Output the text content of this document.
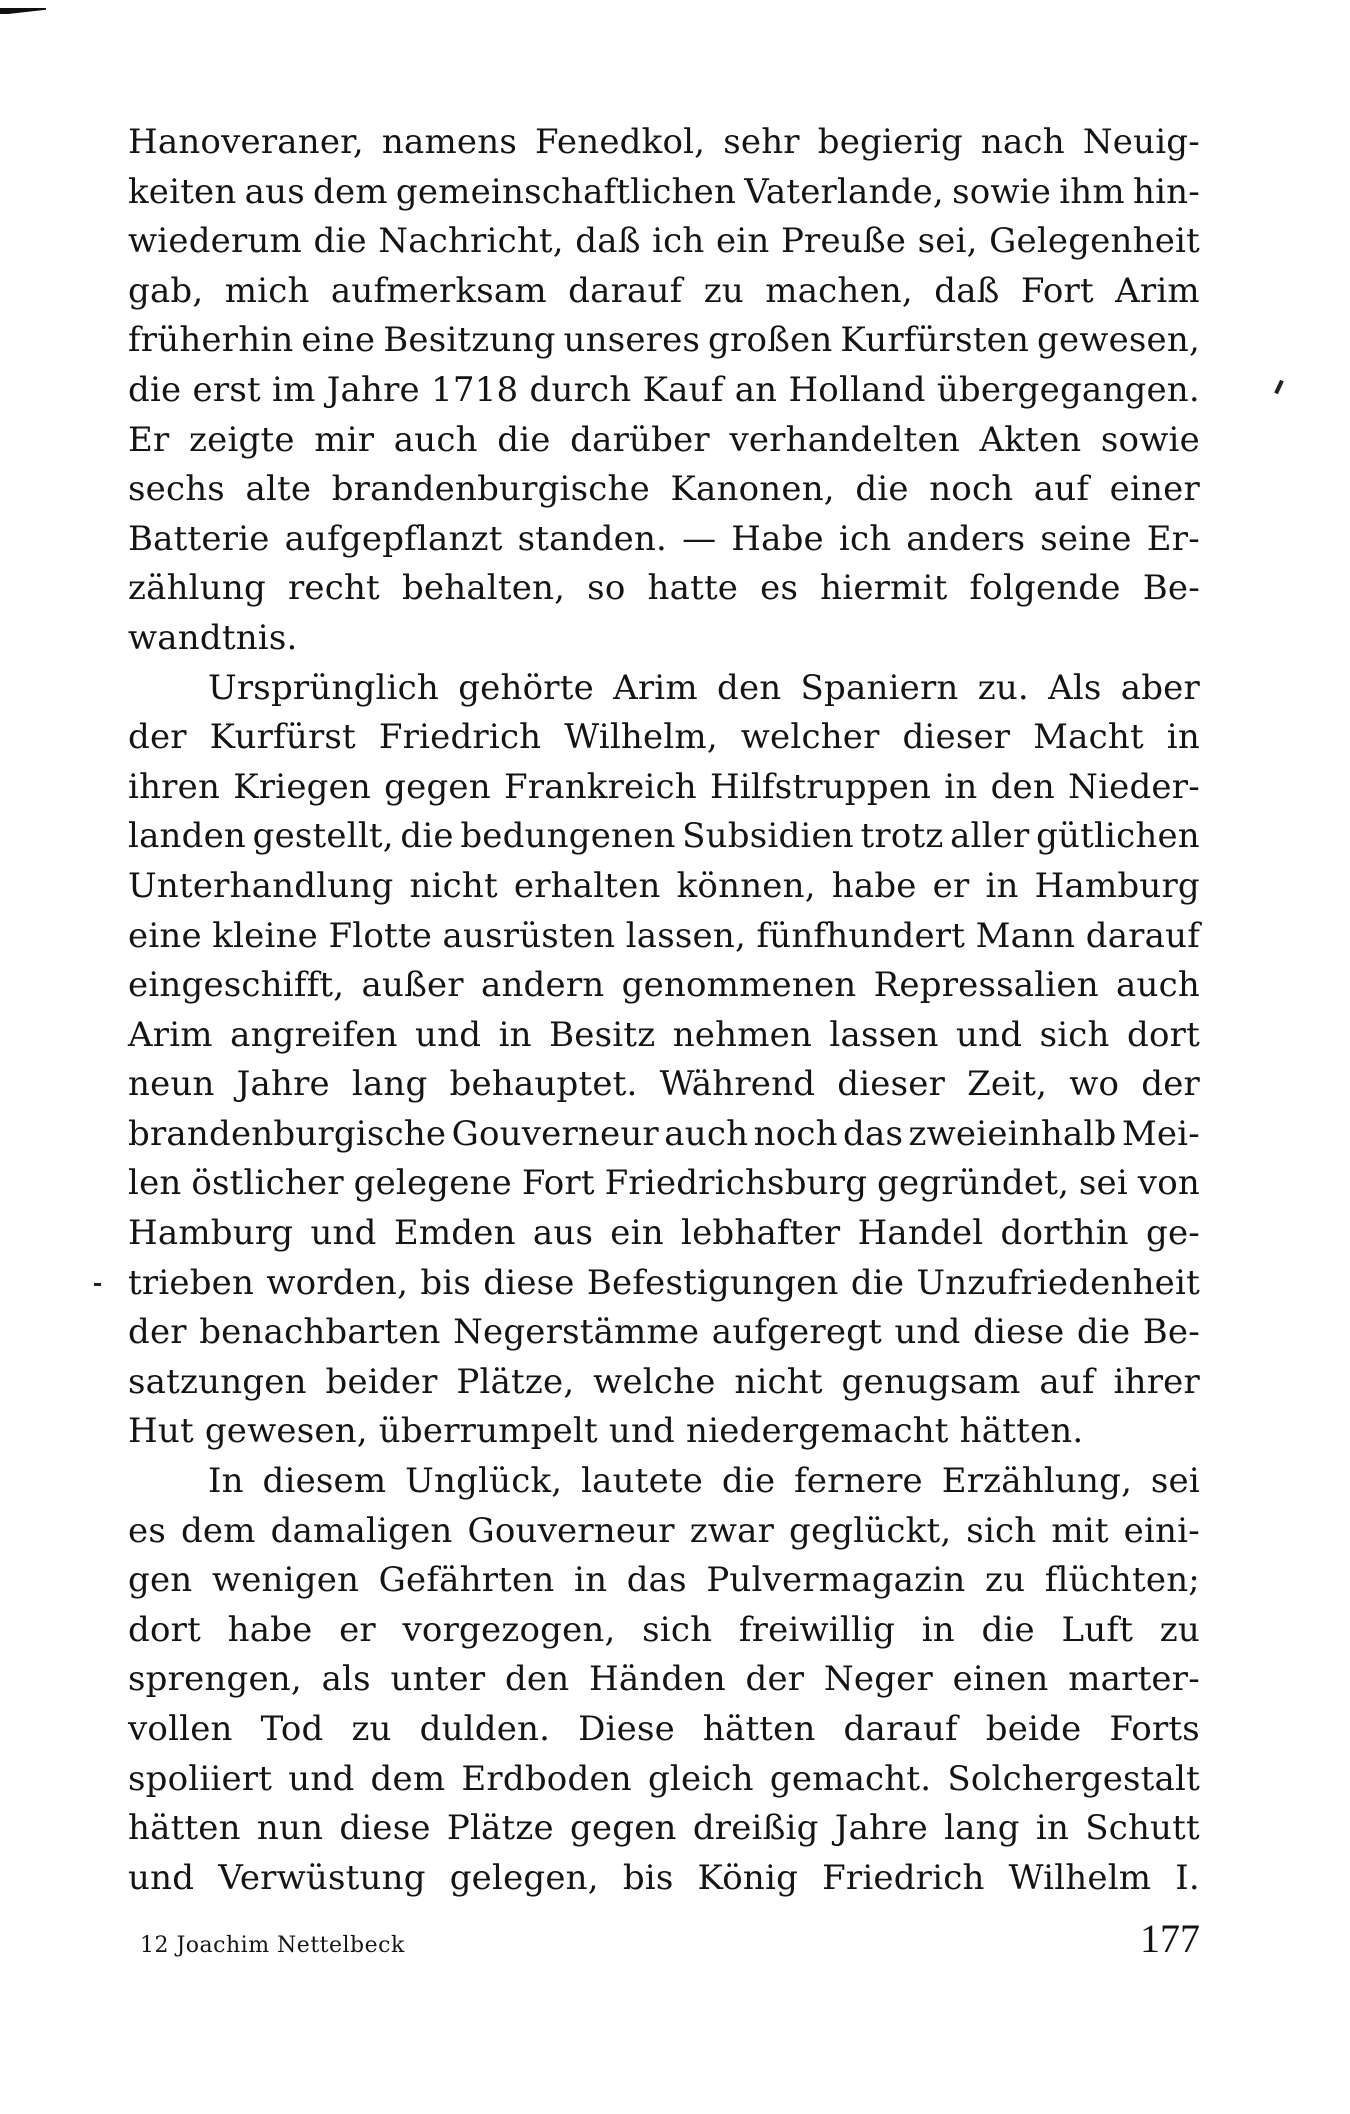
Hanoveraner, namens Fenedkol, sehr begierig nach Neuig-
keiten aus dem gemeinschaftlichen Vaterlande, sowie ihm hin-
wiederum die Nachricht, daß ich ein Preuße sei, Gelegenheit
gab, mich aufmerksam darauf zu machen, daß Fort Arim
früherhin eine Besitzung unseres großen Kurfürsten gewesen,
die erst im Jahre 1718 durch Kauf an Holland übergegangen.
Er zeigte mir auch die darüber verhandelten Akten sowie
sechs alte brandenburgische Kanonen, die noch auf einer
Batterie aufgepflanzt standen. — Habe ich anders seine Er-
zählung recht behalten, so hatte es hiermit folgende Be-
wandtnis.
Ursprünglich gehörte Arim den Spaniern zu. Als aber
der Kurfürst Friedrich Wilhelm, welcher dieser Macht in
ihren Kriegen gegen Frankreich Hilfstruppen in den Nieder-
landen gestellt, die bedungenen Subsidien trotz aller gütlichen
Unterhandlung nicht erhalten können, habe er in Hamburg
eine kleine Flotte ausrüsten lassen, fünfhundert Mann darauf
eingeschifft, außer andern genommenen Repressalien auch
Arim angreifen und in Besitz nehmen lassen und sich dort
neun Jahre lang behauptet. Während dieser Zeit, wo der
brandenburgische Gouverneur auch noch das zweieinhalb Mei-
len östlicher gelegene Fort Friedrichsburg gegründet, sei von
Hamburg und Emden aus ein lebhafter Handel dorthin ge-
trieben worden, bis diese Befestigungen die Unzufriedenheit
der benachbarten Negerstämme aufgeregt und diese die Be-
satzungen beider Plätze, welche nicht genugsam auf ihrer
Hut gewesen, überrumpelt und niedergemacht hätten.
In diesem Unglück, lautete die fernere Erzählung, sei
es dem damaligen Gouverneur zwar geglückt, sich mit eini-
gen wenigen Gefährten in das Pulvermagazin zu flüchten;
dort habe er vorgezogen, sich freiwillig in die Luft zu
sprengen, als unter den Händen der Neger einen marter-
vollen Tod zu dulden. Diese hätten darauf beide Forts
spoliiert und dem Erdboden gleich gemacht. Solchergestalt
hätten nun diese Plätze gegen dreißig Jahre lang in Schutt
und Verwüstung gelegen, bis König Friedrich Wilhelm I.
12 Joachim Nettelbeck	177
